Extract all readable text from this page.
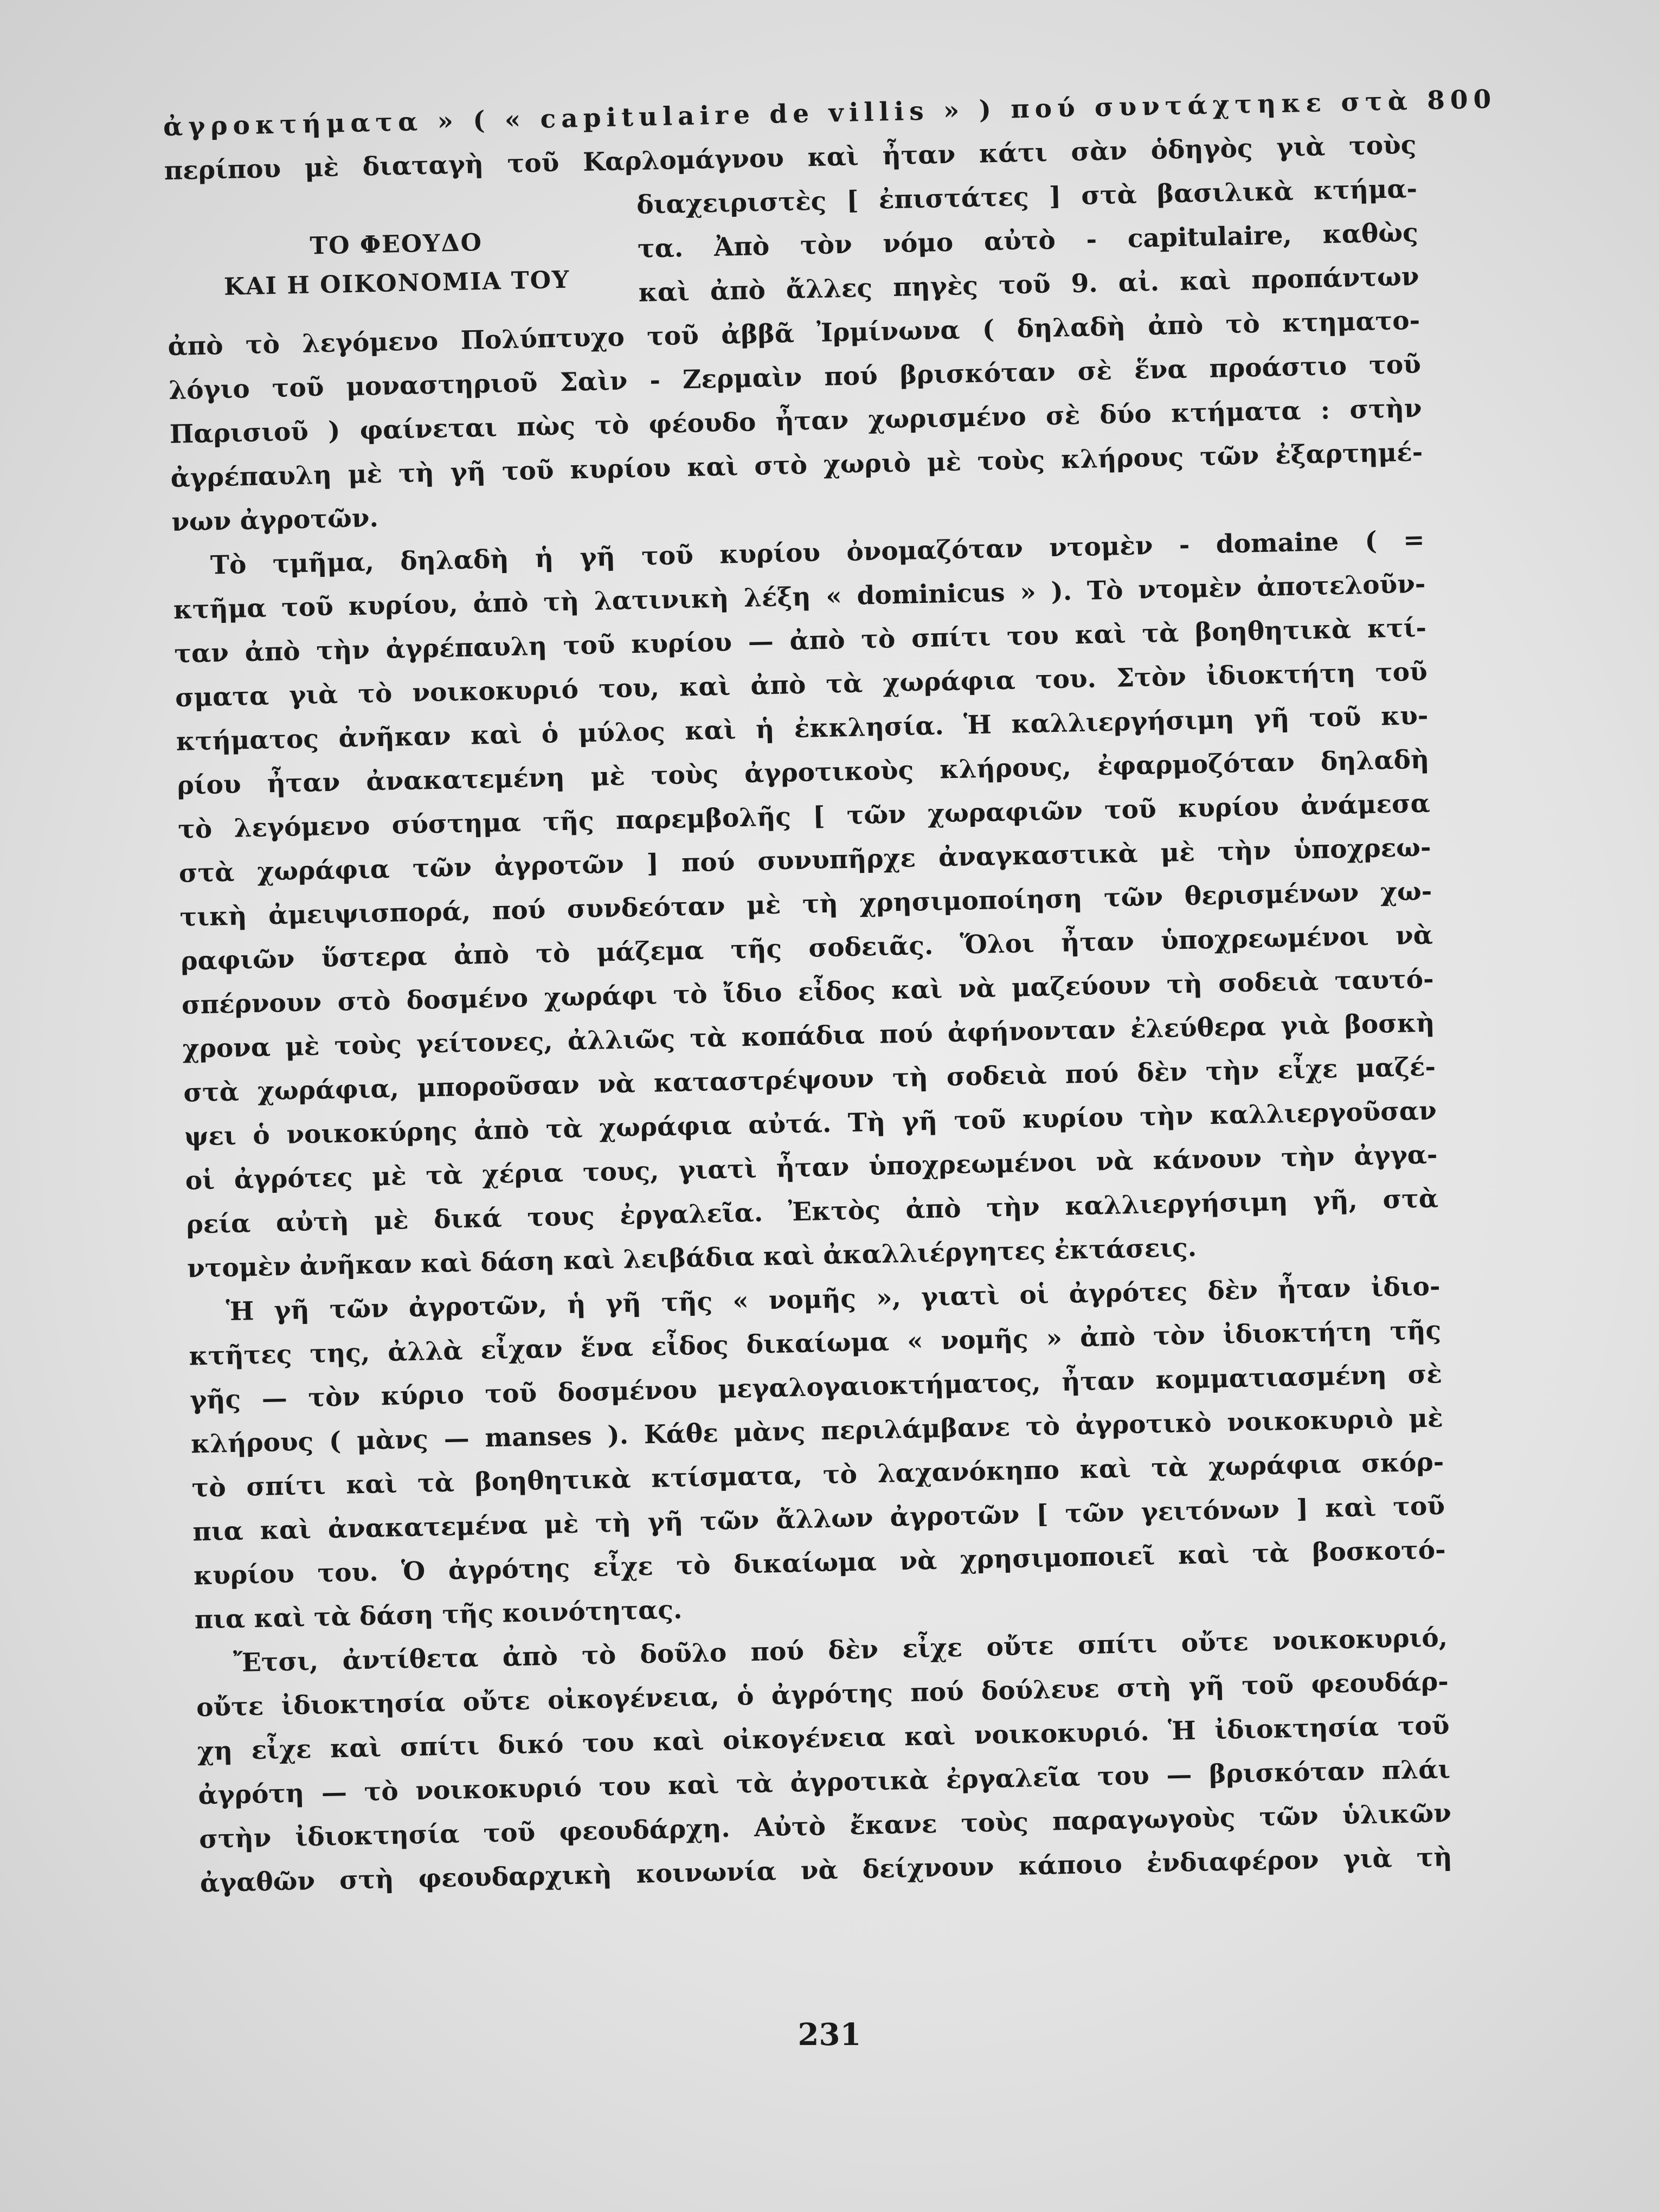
ΤΟ ΦΕΟΥΔΟ
ΚΑΙ Η ΟΙΚΟΝΟΜΙΑ ΤΟΥ
ἀγροκτήματα » ( « capitulaire de villis » ) πού συντάχτηκε στὰ 800
περίπου μὲ διαταγὴ τοῦ Καρλομάγνου καὶ ἦταν κάτι σὰν ὁδηγὸς γιὰ τοὺς
διαχειριστὲς [ ἐπιστάτες ] στὰ βασιλικὰ κτήμα-
τα. Ἀπὸ τὸν νόμο αὐτὸ - capitulaire, καθὼς
καὶ ἀπὸ ἄλλες πηγὲς τοῦ 9. αἰ. καὶ προπάντων
ἀπὸ τὸ λεγόμενο Πολύπτυχο τοῦ ἀββᾶ Ἰρμίνωνα ( δηλαδὴ ἀπὸ τὸ κτηματο-
λόγιο τοῦ μοναστηριοῦ Σαὶν - Ζερμαὶν πού βρισκόταν σὲ ἕνα προάστιο τοῦ
Παρισιοῦ ) φαίνεται πὼς τὸ φέουδο ἦταν χωρισμένο σὲ δύο κτήματα : στὴν
ἀγρέπαυλη μὲ τὴ γῆ τοῦ κυρίου καὶ στὸ χωριὸ μὲ τοὺς κλήρους τῶν ἐξαρτημέ-
νων ἀγροτῶν.
Τὸ τμῆμα, δηλαδὴ ἡ γῆ τοῦ κυρίου ὀνομαζόταν ντομὲν - domaine ( =
κτῆμα τοῦ κυρίου, ἀπὸ τὴ λατινικὴ λέξη « dominicus » ). Τὸ ντομὲν ἀποτελοῦν-
ταν ἀπὸ τὴν ἀγρέπαυλη τοῦ κυρίου — ἀπὸ τὸ σπίτι του καὶ τὰ βοηθητικὰ κτί-
σματα γιὰ τὸ νοικοκυριό του, καὶ ἀπὸ τὰ χωράφια του. Στὸν ἰδιοκτήτη τοῦ
κτήματος ἀνῆκαν καὶ ὁ μύλος καὶ ἡ ἐκκλησία. Ἡ καλλιεργήσιμη γῆ τοῦ κυ-
ρίου ἦταν ἀνακατεμένη μὲ τοὺς ἀγροτικοὺς κλήρους, ἐφαρμοζόταν δηλαδὴ
τὸ λεγόμενο σύστημα τῆς παρεμβολῆς [ τῶν χωραφιῶν τοῦ κυρίου ἀνάμεσα
στὰ χωράφια τῶν ἀγροτῶν ] πού συνυπῆρχε ἀναγκαστικὰ μὲ τὴν ὑποχρεω-
τικὴ ἀμειψισπορά, πού συνδεόταν μὲ τὴ χρησιμοποίηση τῶν θερισμένων χω-
ραφιῶν ὕστερα ἀπὸ τὸ μάζεμα τῆς σοδειᾶς. Ὅλοι ἦταν ὑποχρεωμένοι νὰ
σπέρνουν στὸ δοσμένο χωράφι τὸ ἴδιο εἶδος καὶ νὰ μαζεύουν τὴ σοδειὰ ταυτό-
χρονα μὲ τοὺς γείτονες, ἀλλιῶς τὰ κοπάδια πού ἀφήνονταν ἐλεύθερα γιὰ βοσκὴ
στὰ χωράφια, μποροῦσαν νὰ καταστρέψουν τὴ σοδειὰ πού δὲν τὴν εἶχε μαζέ-
ψει ὁ νοικοκύρης ἀπὸ τὰ χωράφια αὐτά. Τὴ γῆ τοῦ κυρίου τὴν καλλιεργοῦσαν
οἱ ἀγρότες μὲ τὰ χέρια τους, γιατὶ ἦταν ὑποχρεωμένοι νὰ κάνουν τὴν ἀγγα-
ρεία αὐτὴ μὲ δικά τους ἐργαλεῖα. Ἐκτὸς ἀπὸ τὴν καλλιεργήσιμη γῆ, στὰ
ντομὲν ἀνῆκαν καὶ δάση καὶ λειβάδια καὶ ἀκαλλιέργητες ἐκτάσεις.
Ἡ γῆ τῶν ἀγροτῶν, ἡ γῆ τῆς « νομῆς », γιατὶ οἱ ἀγρότες δὲν ἦταν ἰδιο-
κτῆτες της, ἀλλὰ εἶχαν ἕνα εἶδος δικαίωμα « νομῆς » ἀπὸ τὸν ἰδιοκτήτη τῆς
γῆς — τὸν κύριο τοῦ δοσμένου μεγαλογαιοκτήματος, ἦταν κομματιασμένη σὲ
κλήρους ( μὰνς — manses ). Κάθε μὰνς περιλάμβανε τὸ ἀγροτικὸ νοικοκυριὸ μὲ
τὸ σπίτι καὶ τὰ βοηθητικὰ κτίσματα, τὸ λαχανόκηπο καὶ τὰ χωράφια σκόρ-
πια καὶ ἀνακατεμένα μὲ τὴ γῆ τῶν ἄλλων ἀγροτῶν [ τῶν γειτόνων ] καὶ τοῦ
κυρίου του. Ὁ ἀγρότης εἶχε τὸ δικαίωμα νὰ χρησιμοποιεῖ καὶ τὰ βοσκοτό-
πια καὶ τὰ δάση τῆς κοινότητας.
Ἔτσι, ἀντίθετα ἀπὸ τὸ δοῦλο πού δὲν εἶχε οὔτε σπίτι οὔτε νοικοκυριό,
οὔτε ἰδιοκτησία οὔτε οἰκογένεια, ὁ ἀγρότης πού δούλευε στὴ γῆ τοῦ φεουδάρ-
χη εἶχε καὶ σπίτι δικό του καὶ οἰκογένεια καὶ νοικοκυριό. Ἡ ἰδιοκτησία τοῦ
ἀγρότη — τὸ νοικοκυριό του καὶ τὰ ἀγροτικὰ ἐργαλεῖα του — βρισκόταν πλάι
στὴν ἰδιοκτησία τοῦ φεουδάρχη. Αὐτὸ ἔκανε τοὺς παραγωγοὺς τῶν ὑλικῶν
ἀγαθῶν στὴ φεουδαρχικὴ κοινωνία νὰ δείχνουν κάποιο ἐνδιαφέρον γιὰ τὴ
231
